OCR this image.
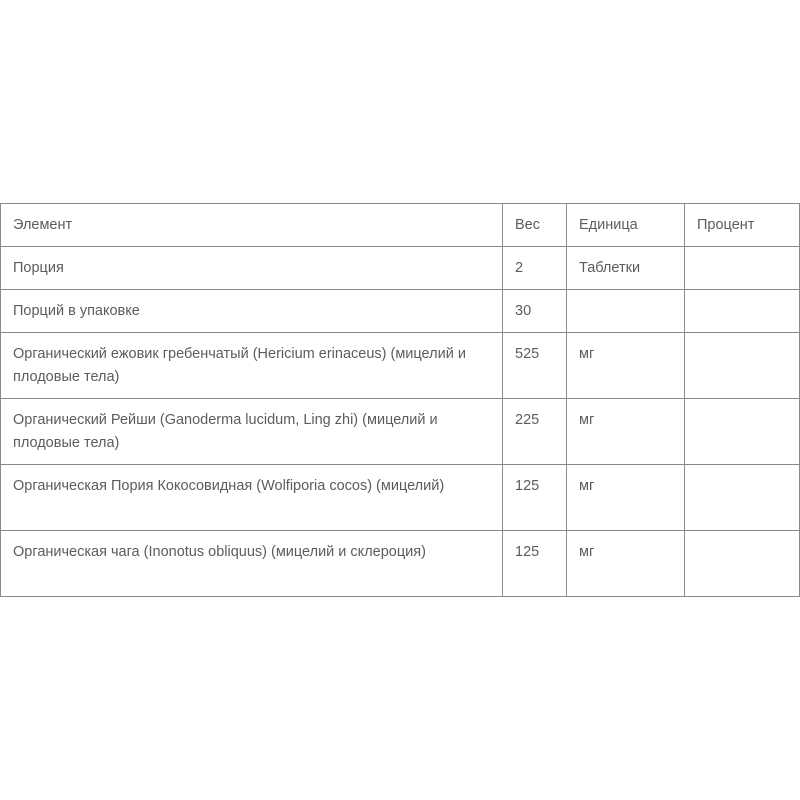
Элемент	Вес	Единица	Процент
Порция	2	Таблетки	
Порций в упаковке	30		
Органический ежовик гребенчатый (Hericium erinaceus) (мицелий и плодовые тела)	525	мг	
Органический Рейши (Ganoderma lucidum, Ling zhi) (мицелий и плодовые тела)	225	мг	
Органическая Пория Кокосовидная (Wolfiporia cocos) (мицелий)	125	мг	
Органическая чага (Inonotus obliquus) (мицелий и склероция)	125	мг	
